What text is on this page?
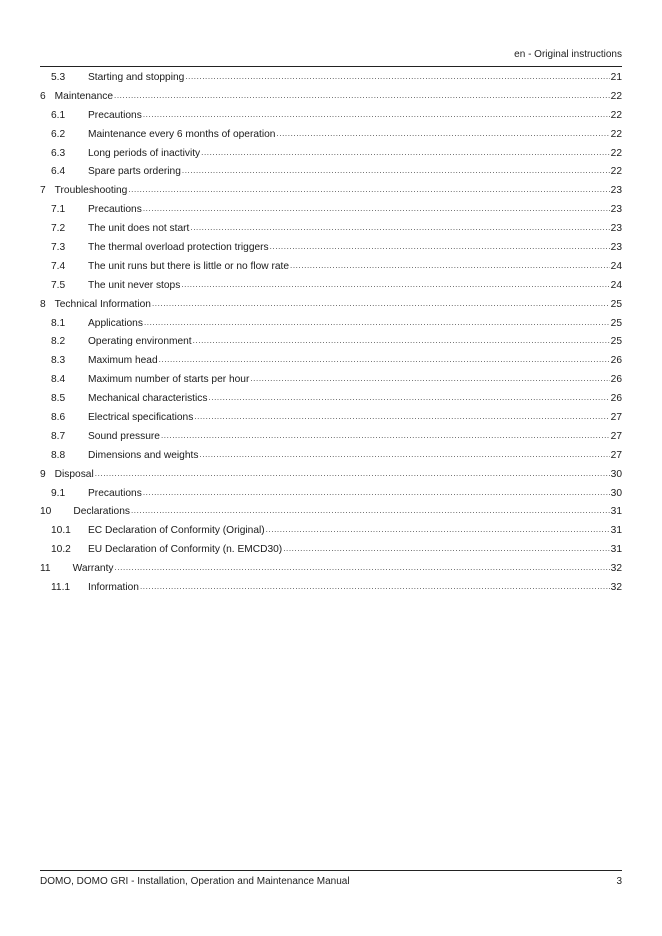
en - Original instructions
5.3	Starting and stopping .....	21
6 Maintenance .....	22
6.1	Precautions .....	22
6.2	Maintenance every 6 months of operation .....	22
6.3	Long periods of inactivity .....	22
6.4	Spare parts ordering .....	22
7 Troubleshooting .....	23
7.1	Precautions .....	23
7.2	The unit does not start .....	23
7.3	The thermal overload protection triggers .....	23
7.4	The unit runs but there is little or no flow rate .....	24
7.5	The unit never stops .....	24
8 Technical Information .....	25
8.1	Applications .....	25
8.2	Operating environment .....	25
8.3	Maximum head .....	26
8.4	Maximum number of starts per hour .....	26
8.5	Mechanical characteristics .....	26
8.6	Electrical specifications .....	27
8.7	Sound pressure .....	27
8.8	Dimensions and weights .....	27
9 Disposal .....	30
9.1	Precautions .....	30
10 Declarations .....	31
10.1	EC Declaration of Conformity (Original) .....	31
10.2	EU Declaration of Conformity (n. EMCD30) .....	31
11 Warranty .....	32
11.1	Information .....	32
DOMO, DOMO GRI - Installation, Operation and Maintenance Manual	3
